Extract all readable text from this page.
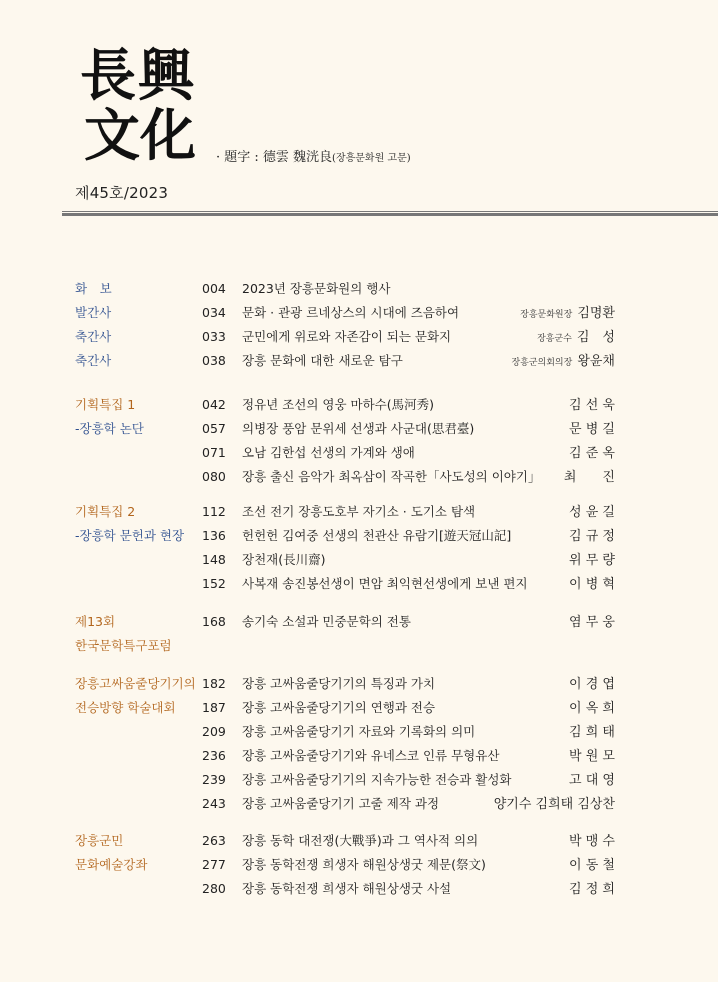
長 興
文 化 · 題字 : 德雲 魏洸良(장흥문화원 고문)
제45호/2023
화　보	004 2023년 장흥문화원의 행사
발간사	034 문화 · 관광 르네상스의 시대에 즈음하여	장흥문화원장 김명환
축간사	033 군민에게 위로와 자존감이 되는 문화지	장흥군수 김　성
축간사	038 장흥 문화에 대한 새로운 탐구	장흥군의회의장 왕윤채
기획특집 1	042 정유년 조선의 영웅 마하수(馬河秀)	김 선 욱
-장흥학 논단	057 의병장 풍암 문위세 선생과 사군대(思君臺)	문 병 길
071 오남 김한섭 선생의 가계와 생애	김 준 옥
080 장흥 출신 음악가 최옥삼이 작곡한「사도성의 이야기」	최　　진
기획특집 2	112 조선 전기 장흥도호부 자기소 · 도기소 탐색	성 윤 길
-장흥학 문헌과 현장 136 헌헌헌 김여중 선생의 천관산 유람기[遊天冠山記]	김 규 정
148 장천재(長川齋)	위 무 량
152 사복재 송진봉선생이 면암 최익현선생에게 보낸 편지	이 병 혁
제13회	168 송기숙 소설과 민중문학의 전통	염 무 웅
한국문학특구포럼
장흥고싸움줄당기기의 182 장흥 고싸움줄당기기의 특징과 가치	이 경 엽
전승방향 학술대회 187 장흥 고싸움줄당기기의 연행과 전승	이 옥 희
209 장흥 고싸움줄당기기 자료와 기록화의 의미	김 희 태
236 장흥 고싸움줄당기기와 유네스코 인류 무형유산	박 원 모
239 장흥 고싸움줄당기기의 지속가능한 전승과 활성화	고 대 영
243 장흥 고싸움줄당기기 고줄 제작 과정	양기수 김희태 김상찬
장흥군민	263 장흥 동학 대전쟁(大戰爭)과 그 역사적 의의	박 맹 수
문화예술강좌	277 장흥 동학전쟁 희생자 해원상생굿 제문(祭文)	이 동 철
280 장흥 동학전쟁 희생자 해원상생굿 사설	김 정 희
